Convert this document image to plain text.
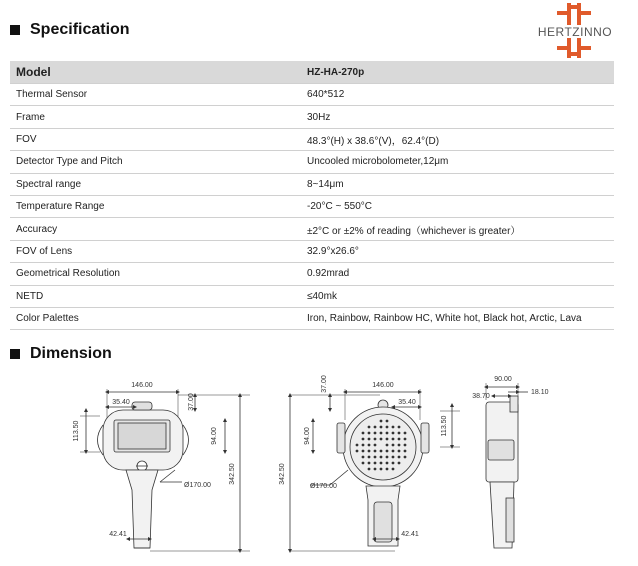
Specification	HERTZINNO
Model	HZ-HA-270p
Thermal Sensor	640*512
Frame	30Hz
FOV	48.3°(H) x 38.6°(V)，62.4°(D)
Detector Type and Pitch	Uncooled microbolometer,12μm
Spectral range	8~14μm
Temperature Range	-20°C ~ 550°C
Accuracy	±2°C or ±2% of reading（whichever is greater）
FOV of Lens	32.9°x26.6°
Geometrical Resolution	0.92mrad
NETD	≤40mk
Color Palettes	Iron, Rainbow, Rainbow HC, White hot, Black hot, Arctic, Lava
Dimension
146.00
35.40	37.00
113.50	94.00
342.50
Ø170.00
42.41
146.00
35.40
37.00
94.00	113.50
342.50
Ø170.00
42.41
90.00
38.70
18.10
